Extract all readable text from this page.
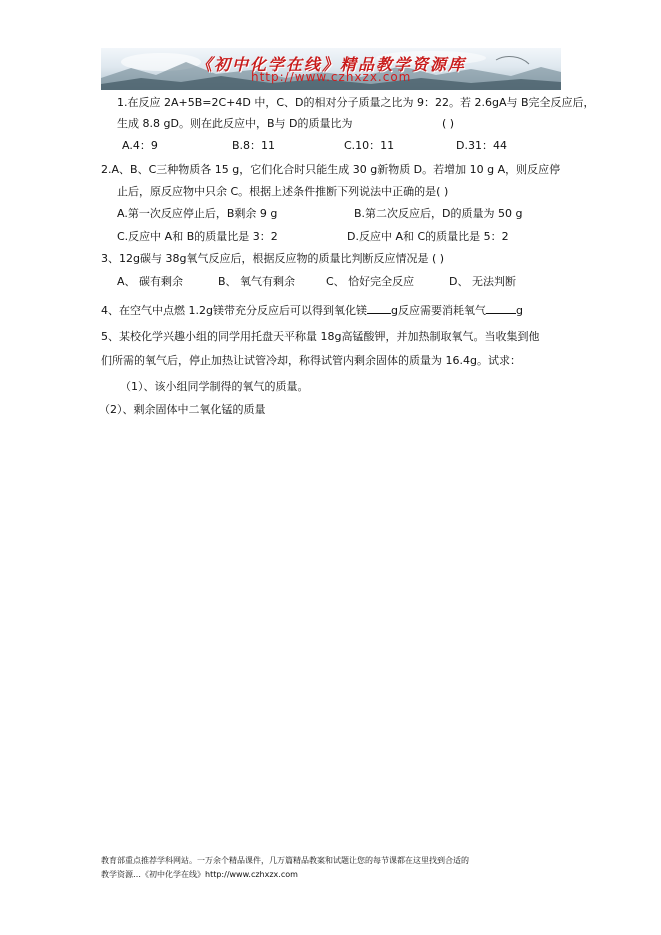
《初中化学在线》精品教学资源库
http://www.czhxzx.com
1.在反应 2A+5B=2C+4D 中，C、D的相对分子质量之比为 9：22。若 2.6gA与 B完全反应后，
生成 8.8 gD。则在此反应中，B与 D的质量比为	( )
A.4：9	B.8：11	C.10：11	D.31：44
2.A、B、C三种物质各 15 g，它们化合时只能生成 30 g新物质 D。若增加 10 g A，则反应停
止后，原反应物中只余 C。根据上述条件推断下列说法中正确的是( )
A.第一次反应停止后，B剩余 9 g	B.第二次反应后，D的质量为 50 g
C.反应中 A和 B的质量比是 3：2	D.反应中 A和 C的质量比是 5：2
3、12g碳与 38g氧气反应后，根据反应物的质量比判断反应情况是 ( )
A、 碳有剩余	B、 氧气有剩余	C、 恰好完全反应	D、 无法判断
4、在空气中点燃 1.2g镁带充分反应后可以得到氧化镁 g反应需要消耗氧气	g
5、某校化学兴趣小组的同学用托盘天平称量 18g高锰酸钾，并加热制取氧气。当收集到他
们所需的氧气后，停止加热让试管冷却，称得试管内剩余固体的质量为 16.4g。试求：
（1）、该小组同学制得的氧气的质量。
（2）、剩余固体中二氧化锰的质量
教育部重点推荐学科网站。一万余个精品课件，几万篇精品教案和试题让您的每节课都在这里找到合适的
教学资源…《初中化学在线》http://www.czhxzx.com
